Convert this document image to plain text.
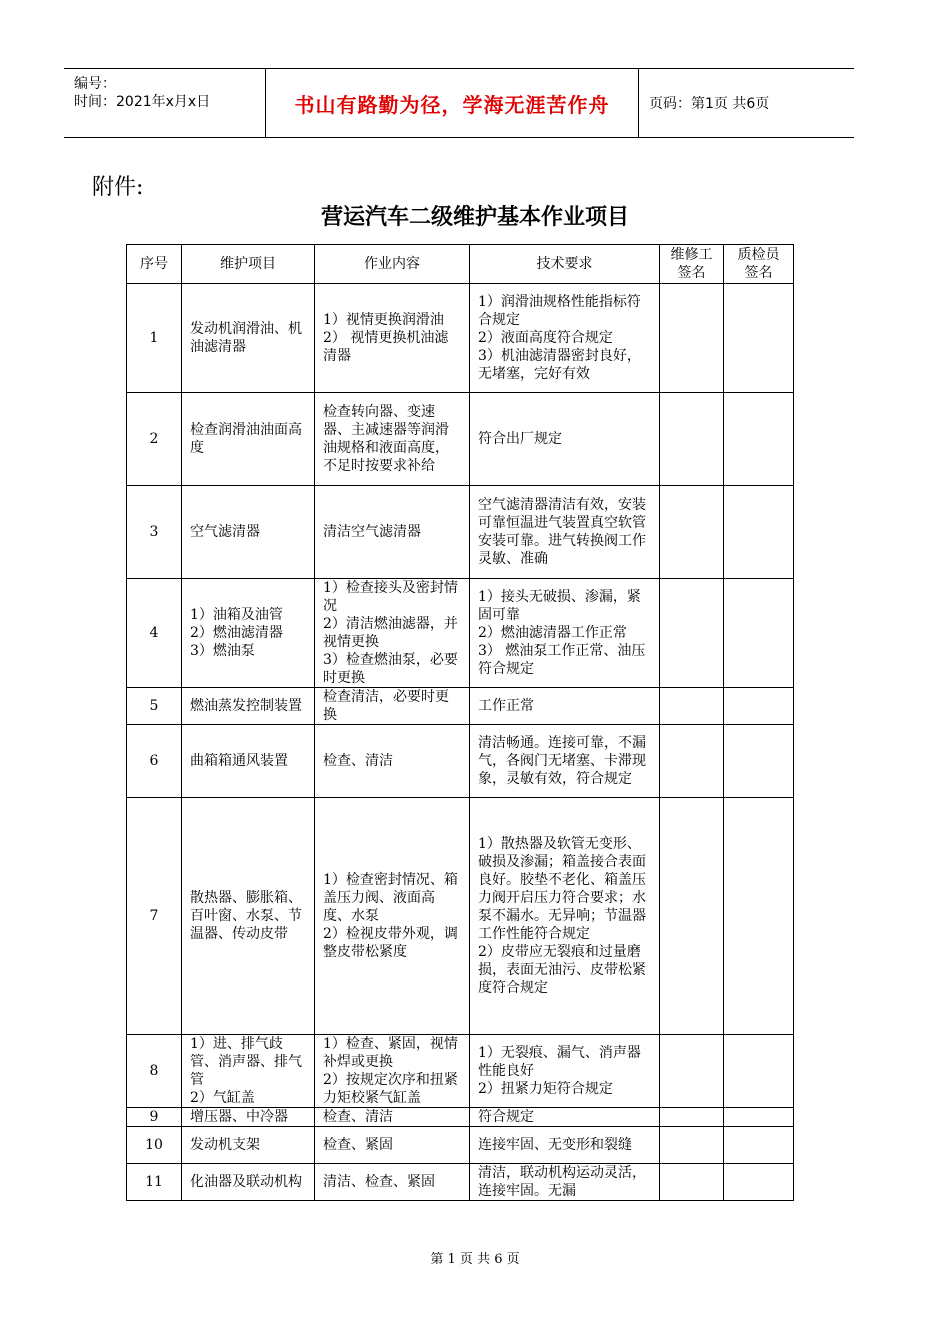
编号：
时间：2021年x月x日	书山有路勤为径，学海无涯苦作舟	页码：第1页 共6页
附件:
营运汽车二级维护基本作业项目
序号	维护项目	作业内容	技术要求	维修工签名	质检员签名
1	发动机润滑油、机油滤清器	1）视情更换润滑油
2） 视情更换机油滤清器	1）润滑油规格性能指标符合规定
2）液面高度符合规定
3）机油滤清器密封良好，无堵塞，完好有效		
2	检查润滑油油面高度	检查转向器、变速器、主减速器等润滑油规格和液面高度，不足时按要求补给	符合出厂规定		
3	空气滤清器	清洁空气滤清器	空气滤清器清洁有效，安装可靠恒温进气装置真空软管安装可靠。进气转换阀工作灵敏、准确		
4	1）油箱及油管
2）燃油滤清器
3）燃油泵	1）检查接头及密封情况
2）清洁燃油滤器，并视情更换
3）检查燃油泵，必要时更换	1）接头无破损、渗漏，紧固可靠
2）燃油滤清器工作正常
3） 燃油泵工作正常、油压符合规定		
5	燃油蒸发控制装置	检查清洁，必要时更换	工作正常		
6	曲箱箱通风装置	检查、清洁	清洁畅通。连接可靠，不漏气，各阀门无堵塞、卡滞现象，灵敏有效，符合规定		
7	散热器、膨胀箱、百叶窗、水泵、节温器、传动皮带	1）检查密封情况、箱盖压力阀、液面高度、水泵
2）检视皮带外观，调整皮带松紧度	1）散热器及软管无变形、破损及渗漏；箱盖接合表面良好。胶垫不老化、箱盖压力阀开启压力符合要求；水泵不漏水。无异响；节温器工作性能符合规定
2）皮带应无裂痕和过量磨损，表面无油污、皮带松紧度符合规定		
8	1）进、排气歧管、消声器、排气管
2）气缸盖	1）检查、紧固，视情补焊或更换
2）按规定次序和扭紧力矩校紧气缸盖	1）无裂痕、漏气、消声器性能良好
2）扭紧力矩符合规定		
9	增压器、中冷器	检查、清洁	符合规定		
10	发动机支架	检查、紧固	连接牢固、无变形和裂缝		
11	化油器及联动机构	清洁、检查、紧固	清洁，联动机构运动灵活，连接牢固。无漏		
第 1 页 共 6 页
